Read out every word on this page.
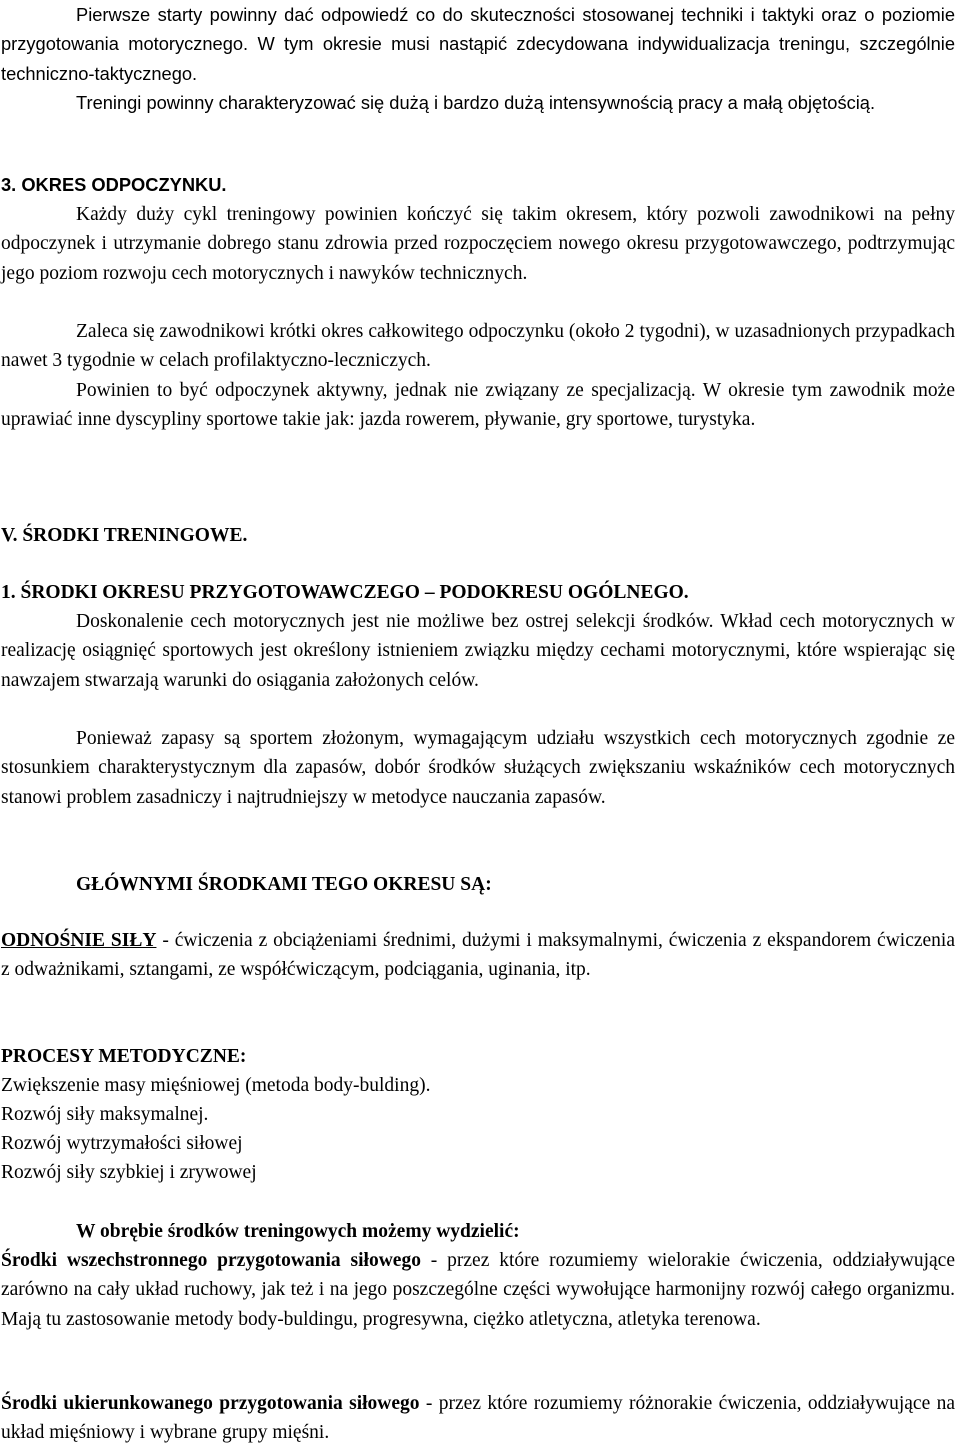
Pierwsze starty powinny dać odpowiedź co do skuteczności stosowanej techniki i taktyki oraz o poziomie przygotowania motorycznego. W tym okresie musi nastąpić zdecydowana indywidualizacja treningu, szczególnie techniczno-taktycznego.

Treningi powinny charakteryzować się dużą i bardzo dużą intensywnością pracy a małą objętością.

3. OKRES ODPOCZYNKU.

Każdy duży cykl treningowy powinien kończyć się takim okresem, który pozwoli zawodnikowi na pełny odpoczynek i utrzymanie dobrego stanu zdrowia przed rozpoczęciem nowego okresu przygotowawczego, podtrzymując jego poziom rozwoju cech motorycznych i nawyków technicznych.

Zaleca się zawodnikowi krótki okres całkowitego odpoczynku (około 2 tygodni), w uzasadnionych przypadkach nawet 3 tygodnie w celach profilaktyczno-leczniczych.

Powinien to być odpoczynek aktywny, jednak nie związany ze specjalizacją. W okresie tym zawodnik może uprawiać inne dyscypliny sportowe takie jak: jazda rowerem, pływanie, gry sportowe, turystyka.

V. ŚRODKI TRENINGOWE.

1. ŚRODKI OKRESU PRZYGOTOWAWCZEGO – PODOKRESU OGÓLNEGO.

Doskonalenie cech motorycznych jest nie możliwe bez ostrej selekcji środków. Wkład cech motorycznych w realizację osiągnięć sportowych jest określony istnieniem związku między cechami motorycznymi, które wspierając się nawzajem stwarzają warunki do osiągania założonych celów.

Ponieważ zapasy są sportem złożonym, wymagającym udziału wszystkich cech motorycznych zgodnie ze stosunkiem charakterystycznym dla zapasów, dobór środków służących zwiększaniu wskaźników cech motorycznych stanowi problem zasadniczy i najtrudniejszy w metodyce nauczania zapasów.

GŁÓWNYMI ŚRODKAMI TEGO OKRESU SĄ:

ODNOŚNIE SIŁY - ćwiczenia z obciążeniami średnimi, dużymi i maksymalnymi, ćwiczenia z ekspandorem ćwiczenia z odważnikami, sztangami, ze współćwiczącym, podciągania, uginania, itp.

PROCESY METODYCZNE:

Zwiększenie masy mięśniowej (metoda body-bulding).

Rozwój siły maksymalnej.

Rozwój wytrzymałości siłowej

Rozwój siły szybkiej i zrywowej

W obrębie środków treningowych możemy wydzielić:

Środki wszechstronnego przygotowania siłowego - przez które rozumiemy wielorakie ćwiczenia, oddziaływujące zarówno na cały układ ruchowy, jak też i na jego poszczególne części wywołujące harmonijny rozwój całego organizmu. Mają tu zastosowanie metody body-buldingu, progresywna, ciężko atletyczna, atletyka terenowa.

Środki ukierunkowanego przygotowania siłowego - przez które rozumiemy różnorakie ćwiczenia, oddziaływujące na układ mięśniowy i wybrane grupy mięśni.
